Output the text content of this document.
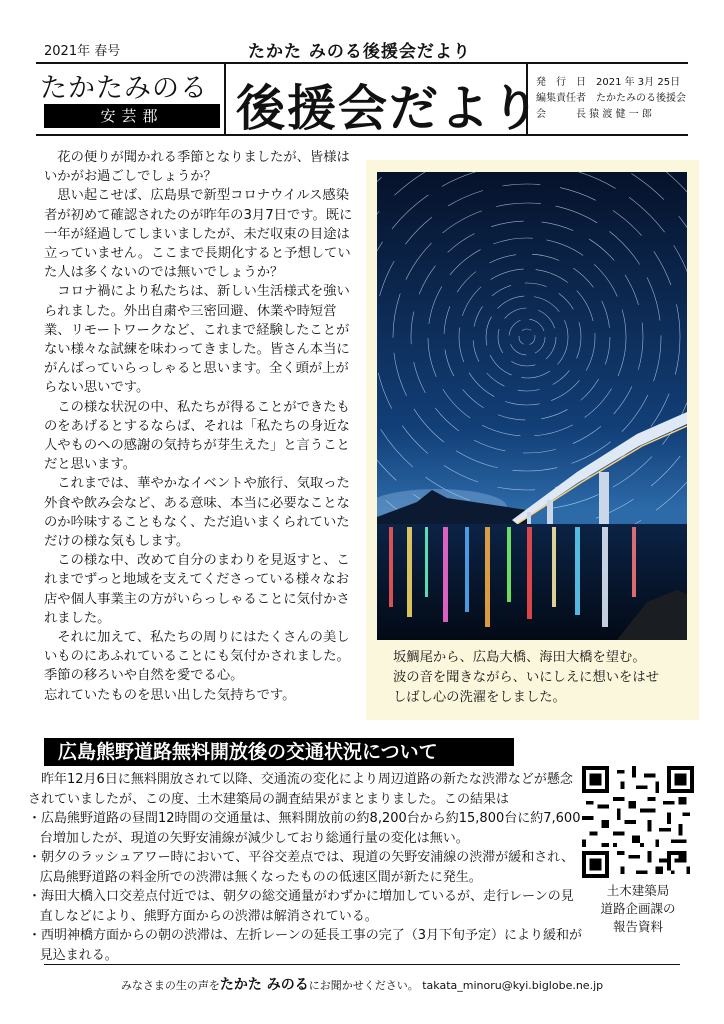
2021年 春号	たかた みのる後援会だより
たかたみのる
安芸郡	後援会だより
発　行　日　2021 年 3月 25日
編集責任者　たかたみのる後援会
会　　　長 猿 渡 健 一 郎

花の便りが聞かれる季節となりましたが、皆様はいかがお過ごしでしょうか？

思い起こせば、広島県で新型コロナウイルス感染者が初めて確認されたのが昨年の3月7日です。既に一年が経過してしまいましたが、未だ収束の目途は立っていません。ここまで長期化すると予想していた人は多くないのでは無いでしょうか？

コロナ禍により私たちは、新しい生活様式を強いられました。外出自粛や三密回避、休業や時短営業、リモートワークなど、これまで経験したことがない様々な試練を味わってきました。皆さん本当にがんばっていらっしゃると思います。全く頭が上がらない思いです。

この様な状況の中、私たちが得ることができたものをあげるとするならば、それは「私たちの身近な人やものへの感謝の気持ちが芽生えた」と言うことだと思います。

これまでは、華やかなイベントや旅行、気取った外食や飲み会など、ある意味、本当に必要なことなのか吟味することもなく、ただ追いまくられていただけの様な気もします。

この様な中、改めて自分のまわりを見返すと、これまでずっと地域を支えてくださっている様々なお店や個人事業主の方がいらっしゃることに気付かされました。

それに加えて、私たちの周りにはたくさんの美しいものにあふれていることにも気付かされました。季節の移ろいや自然を愛でる心。

忘れていたものを思い出した気持ちです。

坂鯛尾から、広島大橋、海田大橋を望む。
波の音を聞きながら、いにしえに想いをはせ
しばし心の洗濯をしました。
広島熊野道路無料開放後の交通状況について
昨年12月6日に無料開放されて以降、交通流の変化により周辺道路の新たな渋滞などが懸念されていましたが、この度、土木建築局の調査結果がまとまりました。この結果は
・広島熊野道路の昼間12時間の交通量は、無料開放前の約8,200台から約15,800台に約7,600台増加したが、現道の矢野安浦線が減少しており総通行量の変化は無い。
・朝夕のラッシュアワー時において、平谷交差点では、現道の矢野安浦線の渋滞が緩和され、広島熊野道路の料金所での渋滞は無くなったものの低速区間が新たに発生。
・海田大橋入口交差点付近では、朝夕の総交通量がわずかに増加しているが、走行レーンの見直しなどにより、熊野方面からの渋滞は解消されている。
・西明神橋方面からの朝の渋滞は、左折レーンの延長工事の完了（3月下旬予定）により緩和が見込まれる。
土木建築局
道路企画課の
報告資料
みなさまの生の声をたかた みのるにお聞かせください。 takata_minoru@kyi.biglobe.ne.jp
